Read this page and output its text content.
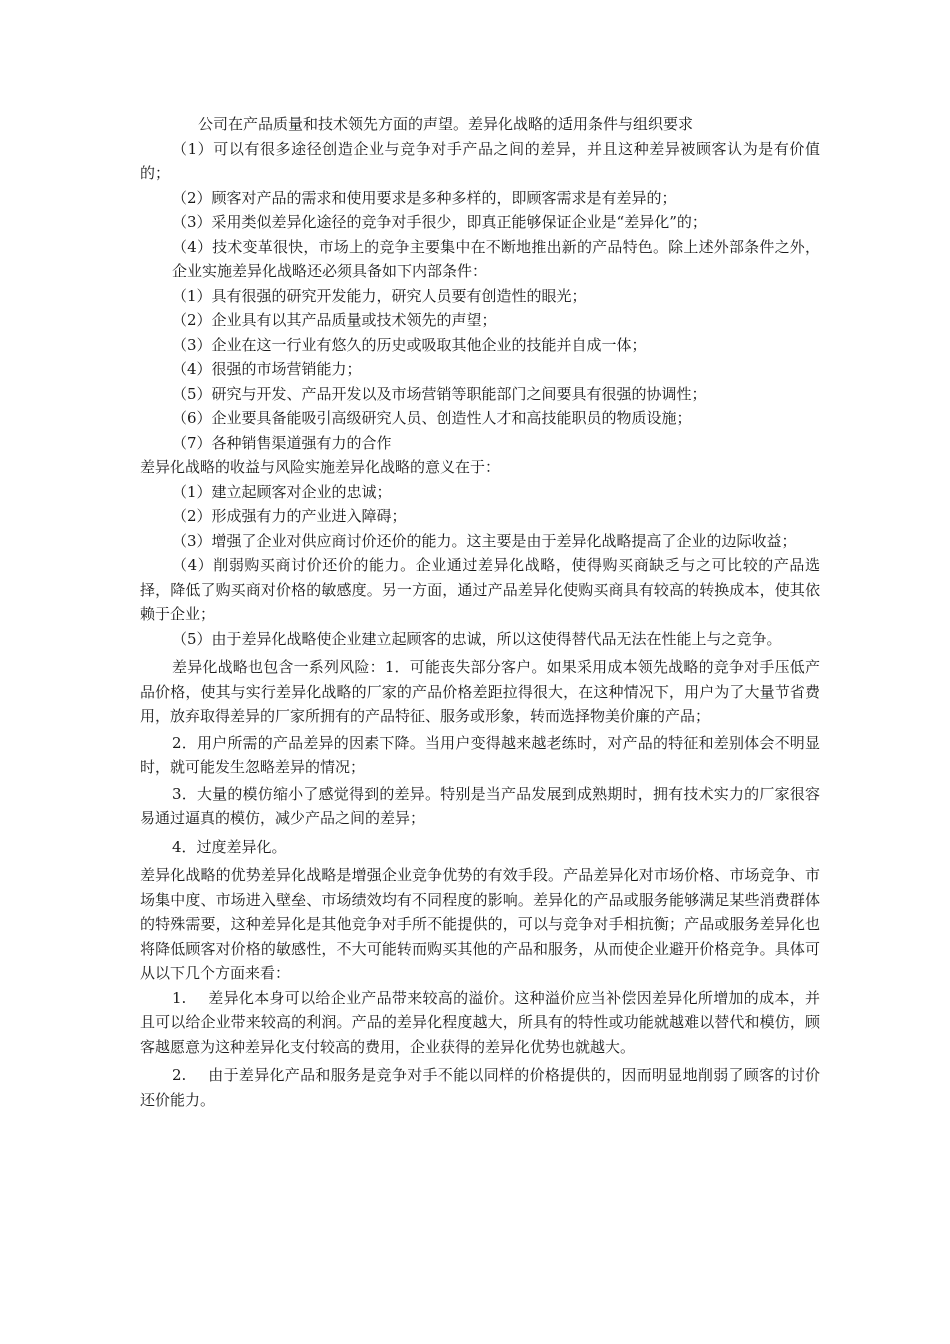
公司在产品质量和技术领先方面的声望。差异化战略的适用条件与组织要求

（1）可以有很多途径创造企业与竞争对手产品之间的差异，并且这种差异被顾客认为是有价值的；

（2）顾客对产品的需求和使用要求是多种多样的，即顾客需求是有差异的；

（3）采用类似差异化途径的竞争对手很少，即真正能够保证企业是“差异化”的；

（4）技术变革很快，市场上的竞争主要集中在不断地推出新的产品特色。除上述外部条件之外，企业实施差异化战略还必须具备如下内部条件：

（1）具有很强的研究开发能力，研究人员要有创造性的眼光；

（2）企业具有以其产品质量或技术领先的声望；

（3）企业在这一行业有悠久的历史或吸取其他企业的技能并自成一体；

（4）很强的市场营销能力；

（5）研究与开发、产品开发以及市场营销等职能部门之间要具有很强的协调性；

（6）企业要具备能吸引高级研究人员、创造性人才和高技能职员的物质设施；

（7）各种销售渠道强有力的合作

差异化战略的收益与风险实施差异化战略的意义在于：

（1）建立起顾客对企业的忠诚；

（2）形成强有力的产业进入障碍；

（3）增强了企业对供应商讨价还价的能力。这主要是由于差异化战略提高了企业的边际收益；

（4）削弱购买商讨价还价的能力。企业通过差异化战略，使得购买商缺乏与之可比较的产品选择，降低了购买商对价格的敏感度。另一方面，通过产品差异化使购买商具有较高的转换成本，使其依赖于企业；

（5）由于差异化战略使企业建立起顾客的忠诚，所以这使得替代品无法在性能上与之竞争。

差异化战略也包含一系列风险：1．可能丧失部分客户。如果采用成本领先战略的竞争对手压低产品价格，使其与实行差异化战略的厂家的产品价格差距拉得很大，在这种情况下，用户为了大量节省费用，放弃取得差异的厂家所拥有的产品特征、服务或形象，转而选择物美价廉的产品；

2．用户所需的产品差异的因素下降。当用户变得越来越老练时，对产品的特征和差别体会不明显时，就可能发生忽略差异的情况；

3．大量的模仿缩小了感觉得到的差异。特别是当产品发展到成熟期时，拥有技术实力的厂家很容易通过逼真的模仿，减少产品之间的差异；

4．过度差异化。

差异化战略的优势差异化战略是增强企业竞争优势的有效手段。产品差异化对市场价格、市场竞争、市场集中度、市场进入壁垒、市场绩效均有不同程度的影响。差异化的产品或服务能够满足某些消费群体的特殊需要，这种差异化是其他竞争对手所不能提供的，可以与竞争对手相抗衡；产品或服务差异化也将降低顾客对价格的敏感性，不大可能转而购买其他的产品和服务，从而使企业避开价格竞争。具体可从以下几个方面来看：

1. 差异化本身可以给企业产品带来较高的溢价。这种溢价应当补偿因差异化所增加的成本，并且可以给企业带来较高的利润。产品的差异化程度越大，所具有的特性或功能就越难以替代和模仿，顾客越愿意为这种差异化支付较高的费用，企业获得的差异化优势也就越大。

2. 由于差异化产品和服务是竞争对手不能以同样的价格提供的，因而明显地削弱了顾客的讨价还价能力。
